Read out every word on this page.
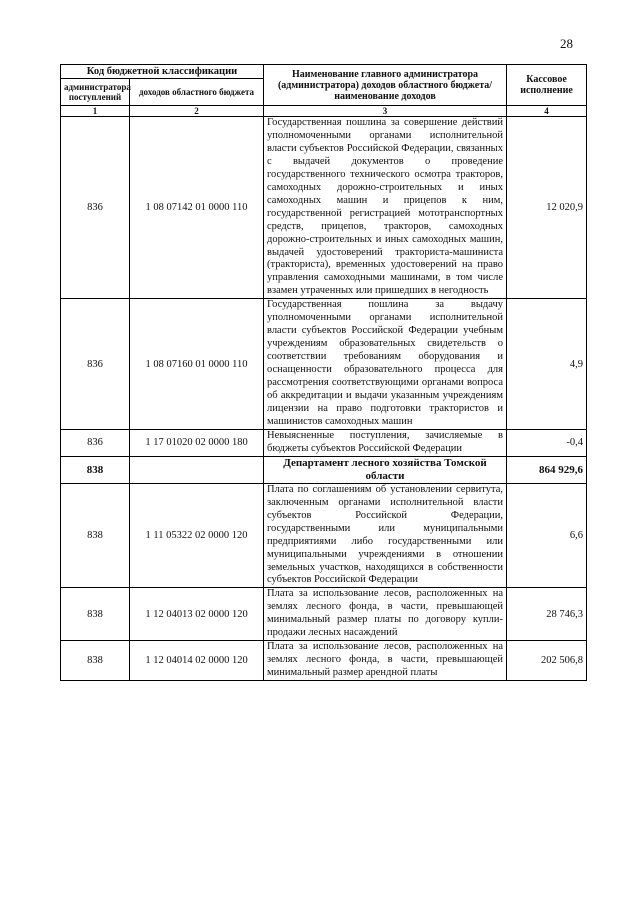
28
Код бюджетной классификации		Наименование главного администратора (администратора) доходов областного бюджета/ наименование доходов	Кассовое исполнение
администратора поступлений	доходов областного бюджета		
1	2	3	4
836	1 08 07142 01 0000 110	Государственная пошлина за совершение действий уполномоченными органами исполнительной власти субъектов Российской Федерации, связанных с выдачей документов о проведение государственного технического осмотра тракторов, самоходных дорожно-строительных и иных самоходных машин и прицепов к ним, государственной регистрацией мототранспортных средств, прицепов, тракторов, самоходных дорожно-строительных и иных самоходных машин, выдачей удостоверений тракториста-машиниста (тракториста), временных удостоверений на право управления самоходными машинами, в том числе взамен утраченных или пришедших в негодность	12 020,9
836	1 08 07160 01 0000 110	Государственная пошлина за выдачу уполномоченными органами исполнительной власти субъектов Российской Федерации учебным учреждениям образовательных свидетельств о соответствии требованиям оборудования и оснащенности образовательного процесса для рассмотрения соответствующими органами вопроса об аккредитации и выдачи указанным учреждениям лицензии на право подготовки трактористов и машинистов самоходных машин	4,9
836	1 17 01020 02 0000 180	Невыясненные поступления, зачисляемые в бюджеты субъектов Российской Федерации	-0,4
838		Департамент лесного хозяйства Томской области	864 929,6
838	1 11 05322 02 0000 120	Плата по соглашениям об установлении сервитута, заключенным органами исполнительной власти субъектов Российской Федерации, государственными или муниципальными предприятиями либо государственными или муниципальными учреждениями в отношении земельных участков, находящихся в собственности субъектов Российской Федерации	6,6
838	1 12 04013 02 0000 120	Плата за использование лесов, расположенных на землях лесного фонда, в части, превышающей минимальный размер платы по договору купли-продажи лесных насаждений	28 746,3
838	1 12 04014 02 0000 120	Плата за использование лесов, расположенных на землях лесного фонда, в части, превышающей минимальный размер арендной платы	202 506,8
